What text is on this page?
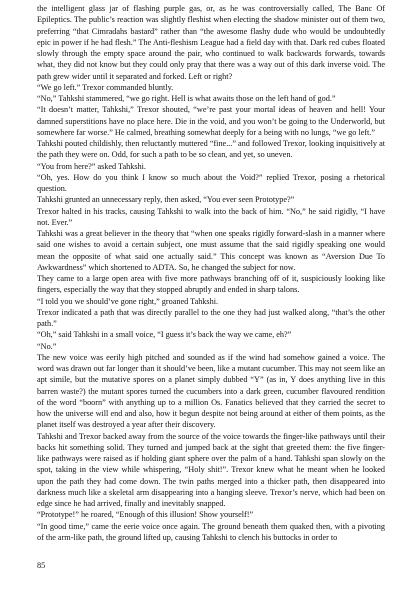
the intelligent glass jar of flashing purple gas, or, as he was controversially called, The Banc Of Epileptics. The public’s reaction was slightly fleshist when electing the shadow minister out of them two, preferring “that Cimradahs bastard” rather than “the awesome flashy dude who would be undoubtedly epic in power if he had flesh.” The Anti-fleshism League had a field day with that. Dark red cubes floated slowly through the empty space around the pair, who continued to walk backwards forwards, towards what, they did not know but they could only pray that there was a way out of this dark inverse void. The path grew wider until it separated and forked. Left or right?

“We go left.” Trexor commanded bluntly.

“No,” Tahkshi stammered, “we go right. Hell is what awaits those on the left hand of god.”

“It doesn’t matter, Tahkshi,” Trexor shouted, “we’re past your mortal ideas of heaven and hell! Your damned superstitions have no place here. Die in the void, and you won’t be going to the Underworld, but somewhere far worse.” He calmed, breathing somewhat deeply for a being with no lungs, “we go left.”

Tahkshi pouted childishly, then reluctantly muttered “fine...” and followed Trexor, looking inquisitively at the path they were on. Odd, for such a path to be so clean, and yet, so uneven.

“You from here?” asked Tahkshi.

“Oh, yes. How do you think I know so much about the Void?” replied Trexor, posing a rhetorical question.

Tahkshi grunted an unnecessary reply, then asked, “You ever seen Prototype?”

Trexor halted in his tracks, causing Tahkshi to walk into the back of him. “No,” he said rigidly, “I have not. Ever.”

Tahkshi was a great believer in the theory that “when one speaks rigidly forward-slash in a manner where said one wishes to avoid a certain subject, one must assume that the said rigidly speaking one would mean the opposite of what said one actually said.” This concept was known as “Aversion Due To Awkwardness” which shortened to ADTA. So, he changed the subject for now.

They came to a large open area with five more pathways branching off of it, suspiciously looking like fingers, especially the way that they stopped abruptly and ended in sharp talons.

“I told you we should’ve gone right,” groaned Tahkshi.

Trexor indicated a path that was directly parallel to the one they had just walked along, “that’s the other path.”

“Oh,” said Tahkshi in a small voice, “I guess it’s back the way we came, eh?”

“No.”

The new voice was eerily high pitched and sounded as if the wind had somehow gained a voice. The word was drawn out far longer than it should’ve been, like a mutant cucumber. This may not seem like an apt simile, but the mutative spores on a planet simply dubbed “Y” (as in, Y does anything live in this barren waste?) the mutant spores turned the cucumbers into a dark green, cucumber flavoured rendition of the word “boorn” with anything up to a million Os. Fanatics believed that they carried the secret to how the universe will end and also, how it begun despite not being around at either of them points, as the planet itself was destroyed a year after their discovery.

Tahkshi and Trexor backed away from the source of the voice towards the finger-like pathways until their backs hit something solid. They turned and jumped back at the sight that greeted them: the five finger-like pathways were raised as if holding giant sphere over the palm of a hand. Tahkshi span slowly on the spot, taking in the view while whispering, “Holy shit!”. Trexor knew what he meant when he looked upon the path they had come down. The twin paths merged into a thicker path, then disappeared into darkness much like a skeletal arm disappearing into a hanging sleeve. Trexor’s nerve, which had been on edge since he had arrived, finally and inevitably snapped.

“Prototype!” he roared, “Enough of this illusion! Show yourself!”

“In good time,” came the eerie voice once again. The ground beneath them quaked then, with a pivoting of the arm-like path, the ground lifted up, causing Tahkshi to clench his buttocks in order to

85
